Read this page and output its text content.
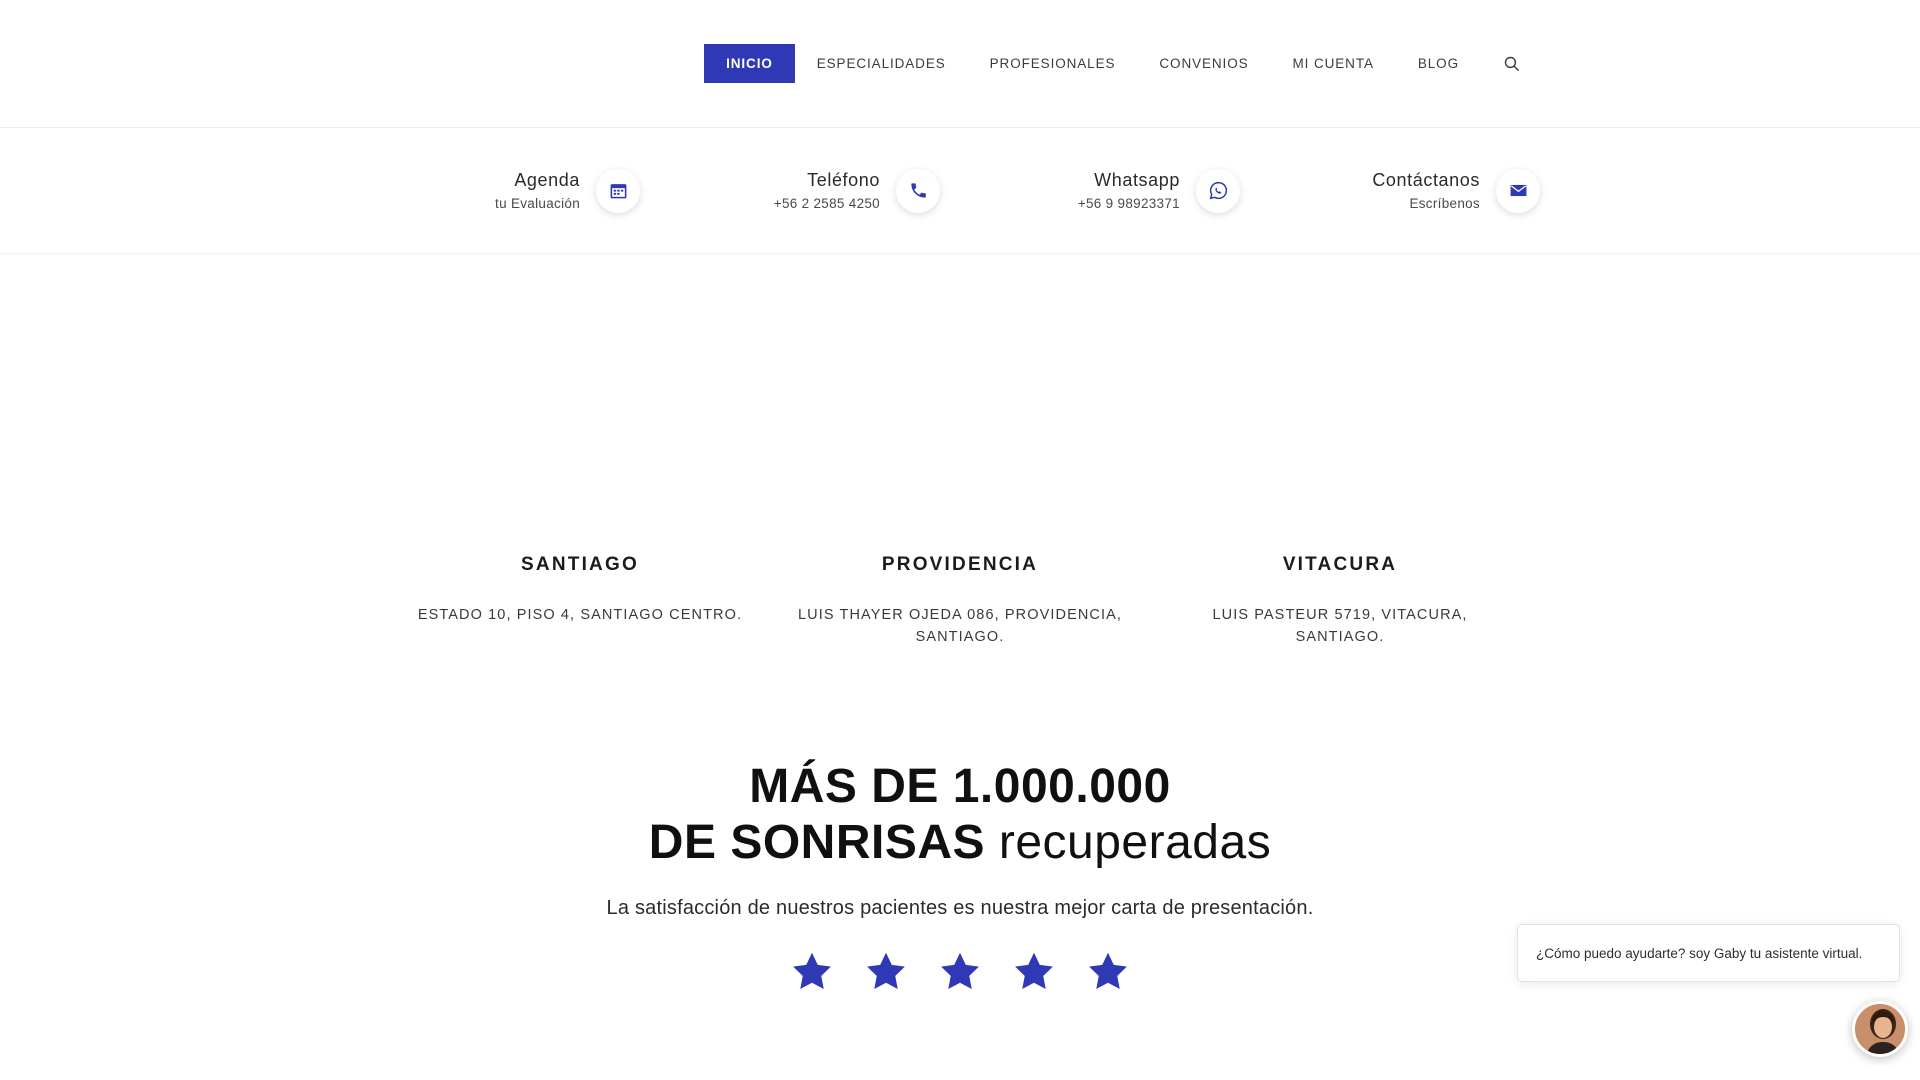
INICIO	ESPECIALIDADES	PROFESIONALES	CONVENIOS	MI CUENTA	BLOG
Agenda
tu Evaluación
Teléfono
+56 2 2585 4250
Whatsapp
+56 9 98923371
Contáctanos
Escríbenos
SANTIAGO
ESTADO 10, PISO 4, SANTIAGO CENTRO.
PROVIDENCIA
LUIS THAYER OJEDA 086, PROVIDENCIA, SANTIAGO.
VITACURA
LUIS PASTEUR 5719, VITACURA, SANTIAGO.
MÁS DE 1.000.000
DE SONRISAS recuperadas
La satisfacción de nuestros pacientes es nuestra mejor carta de presentación.
¿Cómo puedo ayudarte? soy Gaby tu asistente virtual.
